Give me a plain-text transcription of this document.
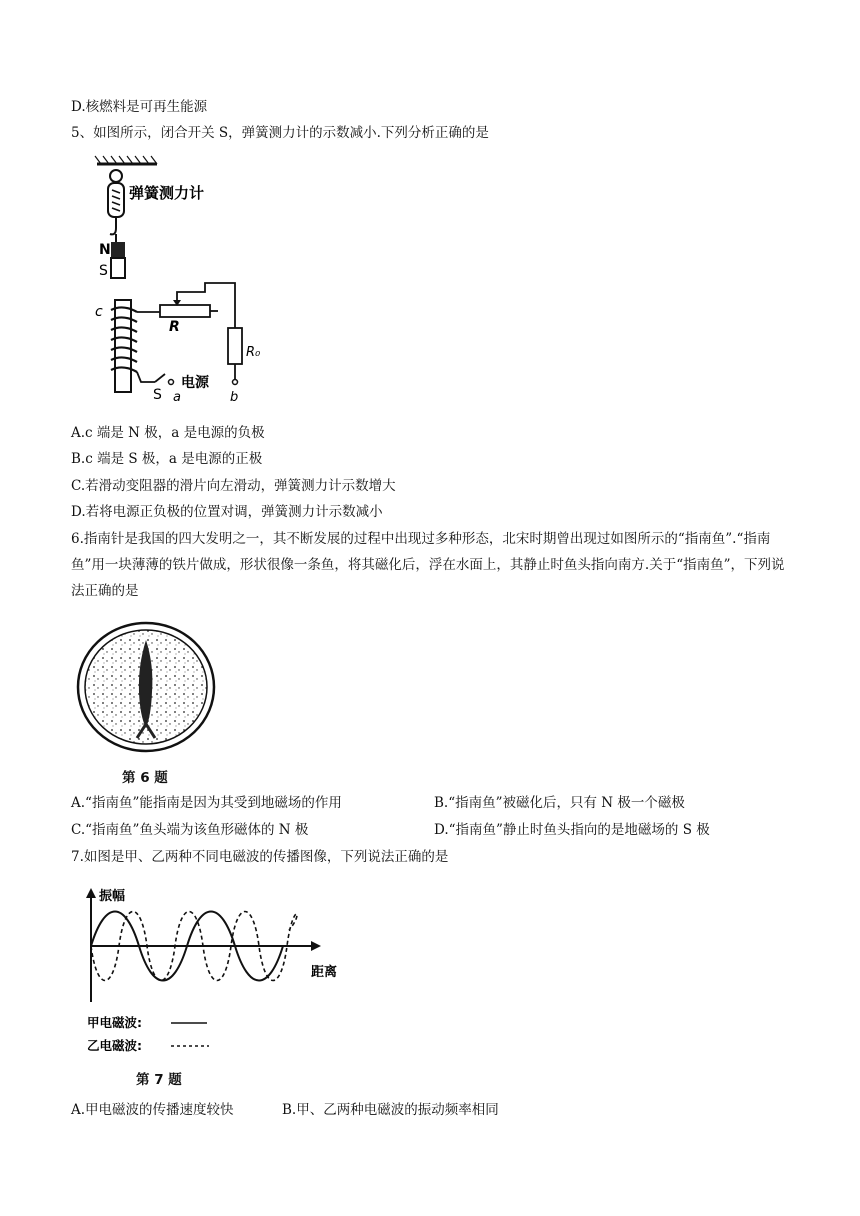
D.核燃料是可再生能源
5、如图所示，闭合开关 S，弹簧测力计的示数减小.下列分析正确的是
弹簧测力计
N
S
c
R
R₀
S a
电源
b
A.c 端是 N 极，a 是电源的负极
B.c 端是 S 极，a 是电源的正极
C.若滑动变阻器的滑片向左滑动，弹簧测力计示数增大
D.若将电源正负极的位置对调，弹簧测力计示数减小
6.指南针是我国的四大发明之一，其不断发展的过程中出现过多种形态，北宋时期曾出现过如图所示的“指南鱼”.“指南鱼”用一块薄薄的铁片做成，形状很像一条鱼，将其磁化后，浮在水面上，其静止时鱼头指向南方.关于“指南鱼”，下列说法正确的是
第 6 题
A.“指南鱼”能指南是因为其受到地磁场的作用	B.“指南鱼”被磁化后，只有 N 极一个磁极
C.“指南鱼”鱼头端为该鱼形磁体的 N 极	D.“指南鱼”静止时鱼头指向的是地磁场的 S 极
7.如图是甲、乙两种不同电磁波的传播图像，下列说法正确的是
振幅
距离
甲电磁波:
乙电磁波:
第 7 题
A.甲电磁波的传播速度较快	B.甲、乙两种电磁波的振动频率相同
